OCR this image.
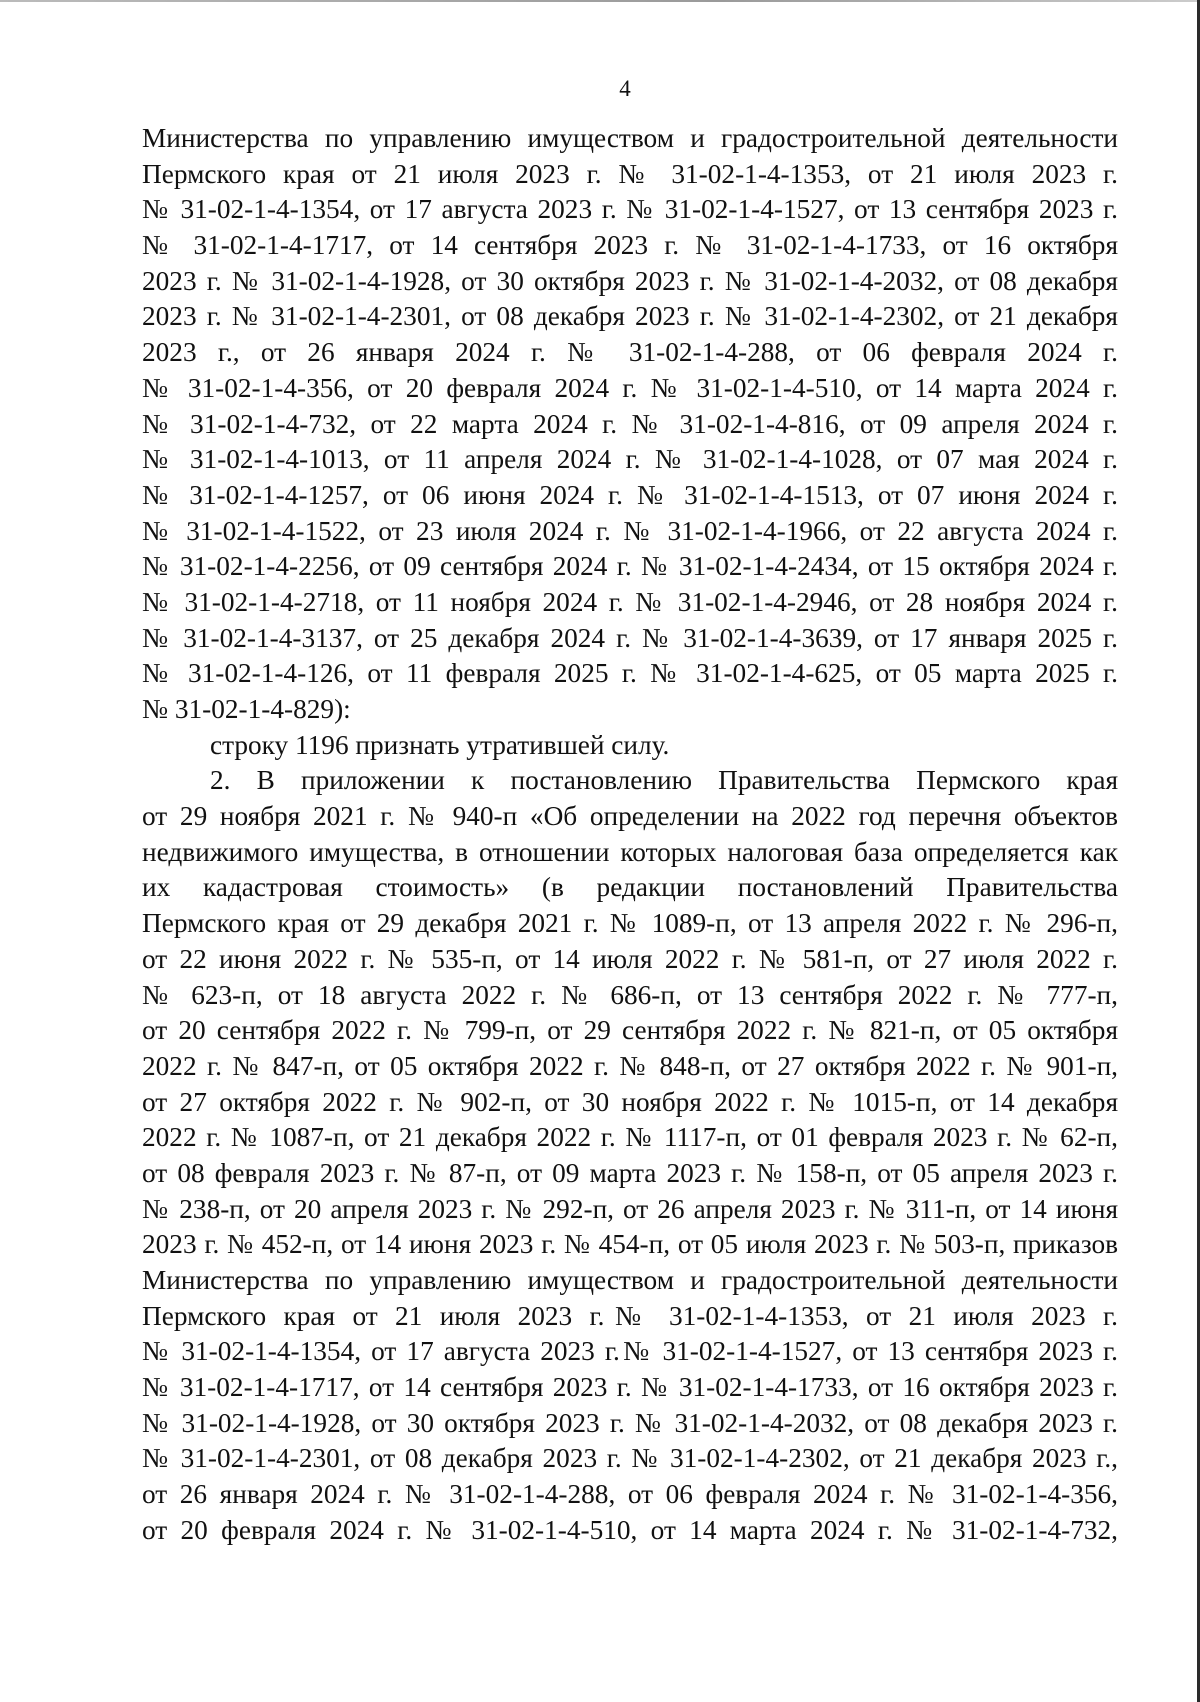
4
Министерства по управлению имуществом и градостроительной деятельности
Пермского края от 21 июля 2023 г. № 31-02-1-4-1353, от 21 июля 2023 г.
№ 31-02-1-4-1354, от 17 августа 2023 г. № 31-02-1-4-1527, от 13 сентября 2023 г.
№ 31-02-1-4-1717, от 14 сентября 2023 г. № 31-02-1-4-1733, от 16 октября
2023 г. № 31-02-1-4-1928, от 30 октября 2023 г. № 31-02-1-4-2032, от 08 декабря
2023 г. № 31-02-1-4-2301, от 08 декабря 2023 г. № 31-02-1-4-2302, от 21 декабря
2023 г., от 26 января 2024 г. № 31-02-1-4-288, от 06 февраля 2024 г.
№ 31-02-1-4-356, от 20 февраля 2024 г. № 31-02-1-4-510, от 14 марта 2024 г.
№ 31-02-1-4-732, от 22 марта 2024 г. № 31-02-1-4-816, от 09 апреля 2024 г.
№ 31-02-1-4-1013, от 11 апреля 2024 г. № 31-02-1-4-1028, от 07 мая 2024 г.
№ 31-02-1-4-1257, от 06 июня 2024 г. № 31-02-1-4-1513, от 07 июня 2024 г.
№ 31-02-1-4-1522, от 23 июля 2024 г. № 31-02-1-4-1966, от 22 августа 2024 г.
№ 31-02-1-4-2256, от 09 сентября 2024 г. № 31-02-1-4-2434, от 15 октября 2024 г.
№ 31-02-1-4-2718, от 11 ноября 2024 г. № 31-02-1-4-2946, от 28 ноября 2024 г.
№ 31-02-1-4-3137, от 25 декабря 2024 г. № 31-02-1-4-3639, от 17 января 2025 г.
№ 31-02-1-4-126, от 11 февраля 2025 г. № 31-02-1-4-625, от 05 марта 2025 г.
№ 31-02-1-4-829):
строку 1196 признать утратившей силу.
2. В приложении к постановлению Правительства Пермского края
от 29 ноября 2021 г. № 940-п «Об определении на 2022 год перечня объектов
недвижимого имущества, в отношении которых налоговая база определяется как
их кадастровая стоимость» (в редакции постановлений Правительства
Пермского края от 29 декабря 2021 г. № 1089-п, от 13 апреля 2022 г. № 296-п,
от 22 июня 2022 г. № 535-п, от 14 июля 2022 г. № 581-п, от 27 июля 2022 г.
№ 623-п, от 18 августа 2022 г. № 686-п, от 13 сентября 2022 г. № 777-п,
от 20 сентября 2022 г. № 799-п, от 29 сентября 2022 г. № 821-п, от 05 октября
2022 г. № 847-п, от 05 октября 2022 г. № 848-п, от 27 октября 2022 г. № 901-п,
от 27 октября 2022 г. № 902-п, от 30 ноября 2022 г. № 1015-п, от 14 декабря
2022 г. № 1087-п, от 21 декабря 2022 г. № 1117-п, от 01 февраля 2023 г. № 62-п,
от 08 февраля 2023 г. № 87-п, от 09 марта 2023 г. № 158-п, от 05 апреля 2023 г.
№ 238-п, от 20 апреля 2023 г. № 292-п, от 26 апреля 2023 г. № 311-п, от 14 июня
2023 г. № 452-п, от 14 июня 2023 г. № 454-п, от 05 июля 2023 г. № 503-п, приказов
Министерства по управлению имуществом и градостроительной деятельности
Пермского края от 21 июля 2023 г.№ 31-02-1-4-1353, от 21 июля 2023 г.
№ 31-02-1-4-1354, от 17 августа 2023 г.№ 31-02-1-4-1527, от 13 сентября 2023 г.
№ 31-02-1-4-1717, от 14 сентября 2023 г. № 31-02-1-4-1733, от 16 октября 2023 г.
№ 31-02-1-4-1928, от 30 октября 2023 г. № 31-02-1-4-2032, от 08 декабря 2023 г.
№ 31-02-1-4-2301, от 08 декабря 2023 г. № 31-02-1-4-2302, от 21 декабря 2023 г.,
от 26 января 2024 г. № 31-02-1-4-288, от 06 февраля 2024 г. № 31-02-1-4-356,
от 20 февраля 2024 г. № 31-02-1-4-510, от 14 марта 2024 г. № 31-02-1-4-732,
